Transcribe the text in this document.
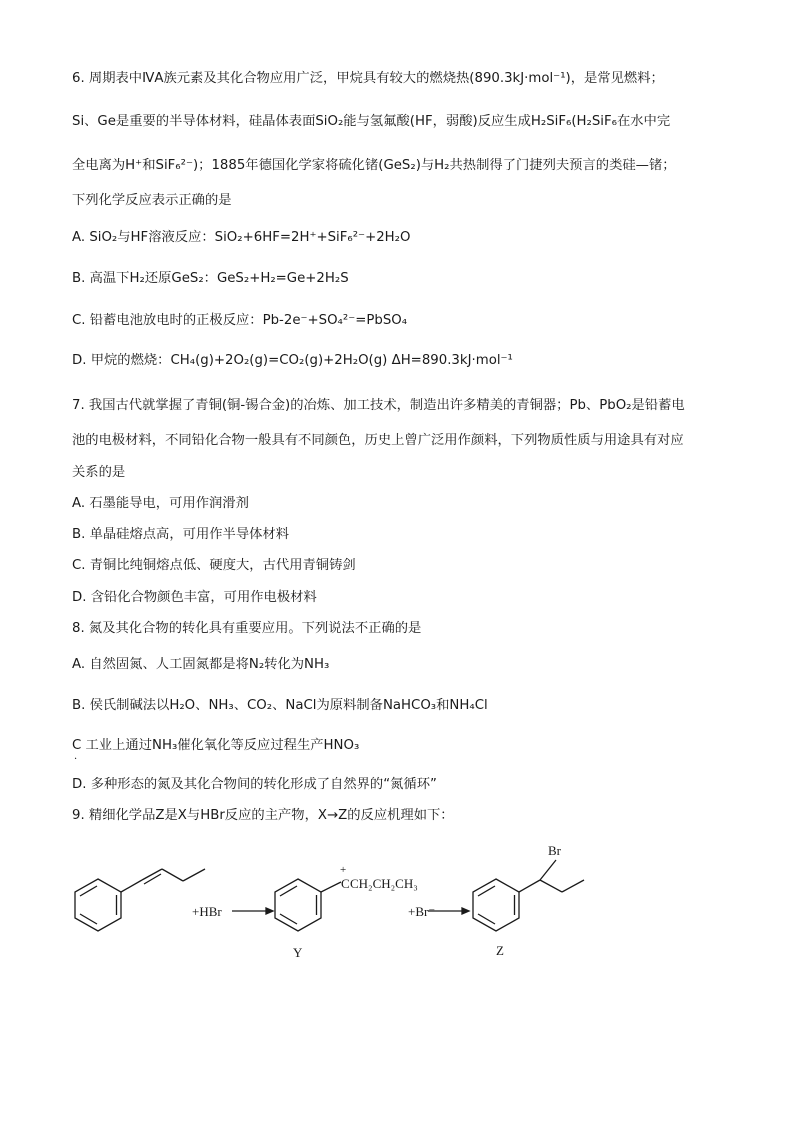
6. 周期表中ⅣA族元素及其化合物应用广泛，甲烷具有较大的燃烧热(890.3kJ·mol⁻¹)，是常见燃料；
Si、Ge是重要的半导体材料，硅晶体表面SiO₂能与氢氟酸(HF，弱酸)反应生成H₂SiF₆(H₂SiF₆在水中完
全电离为H⁺和SiF₆²⁻)；1885年德国化学家将硫化锗(GeS₂)与H₂共热制得了门捷列夫预言的类硅—锗；
下列化学反应表示正确的是
A. SiO₂与HF溶液反应：SiO₂+6HF=2H⁺+SiF₆²⁻+2H₂O
B. 高温下H₂还原GeS₂：GeS₂+H₂=Ge+2H₂S
C. 铅蓄电池放电时的正极反应：Pb-2e⁻+SO₄²⁻=PbSO₄
D. 甲烷的燃烧：CH₄(g)+2O₂(g)=CO₂(g)+2H₂O(g) ΔH=890.3kJ·mol⁻¹
7. 我国古代就掌握了青铜(铜-锡合金)的冶炼、加工技术，制造出许多精美的青铜器；Pb、PbO₂是铅蓄电
池的电极材料，不同铅化合物一般具有不同颜色，历史上曾广泛用作颜料，下列物质性质与用途具有对应
关系的是
A. 石墨能导电，可用作润滑剂
B. 单晶硅熔点高，可用作半导体材料
C. 青铜比纯铜熔点低、硬度大，古代用青铜铸剑
D. 含铅化合物颜色丰富，可用作电极材料
8. 氮及其化合物的转化具有重要应用。下列说法不正确的是
A. 自然固氮、人工固氮都是将N₂转化为NH₃
B. 侯氏制碱法以H₂O、NH₃、CO₂、NaCl为原料制备NaHCO₃和NH₄Cl
C 工业上通过NH₃催化氧化等反应过程生产HNO₃
·
D. 多种形态的氮及其化合物间的转化形成了自然界的“氮循环”
9. 精细化学品Z是X与HBr反应的主产物，X→Z的反应机理如下：
+HBr
+
C CH₂CH₂CH₃
Y
+Br⁻
Br
Z
